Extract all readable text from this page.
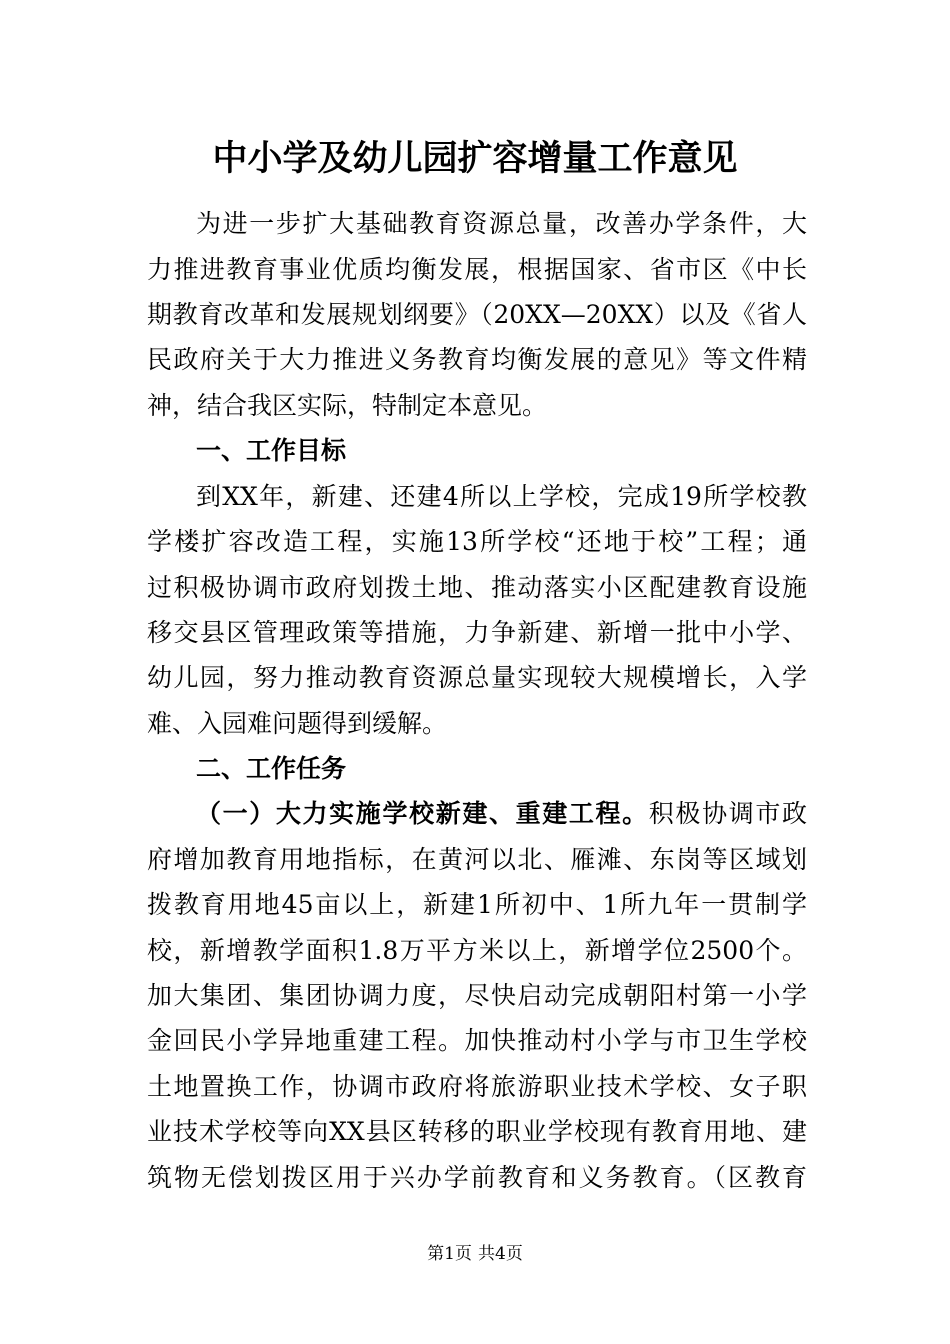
中小学及幼儿园扩容增量工作意见
为进一步扩大基础教育资源总量，改善办学条件，大
力推进教育事业优质均衡发展，根据国家、省市区《中长
期教育改革和发展规划纲要》（20XX—20XX）以及《省人
民政府关于大力推进义务教育均衡发展的意见》等文件精
神，结合我区实际，特制定本意见。
一、工作目标
到XX年，新建、还建4所以上学校，完成19所学校教
学楼扩容改造工程，实施13所学校“还地于校”工程；通
过积极协调市政府划拨土地、推动落实小区配建教育设施
移交县区管理政策等措施，力争新建、新增一批中小学、
幼儿园，努力推动教育资源总量实现较大规模增长，入学
难、入园难问题得到缓解。
二、工作任务
（一）大力实施学校新建、重建工程。积极协调市政
府增加教育用地指标，在黄河以北、雁滩、东岗等区域划
拨教育用地45亩以上，新建1所初中、1所九年一贯制学
校，新增教学面积1.8万平方米以上，新增学位2500个。
加大集团、集团协调力度，尽快启动完成朝阳村第一小学
金回民小学异地重建工程。加快推动村小学与市卫生学校
土地置换工作，协调市政府将旅游职业技术学校、女子职
业技术学校等向XX县区转移的职业学校现有教育用地、建
筑物无偿划拨区用于兴办学前教育和义务教育。（区教育
第1页 共4页
